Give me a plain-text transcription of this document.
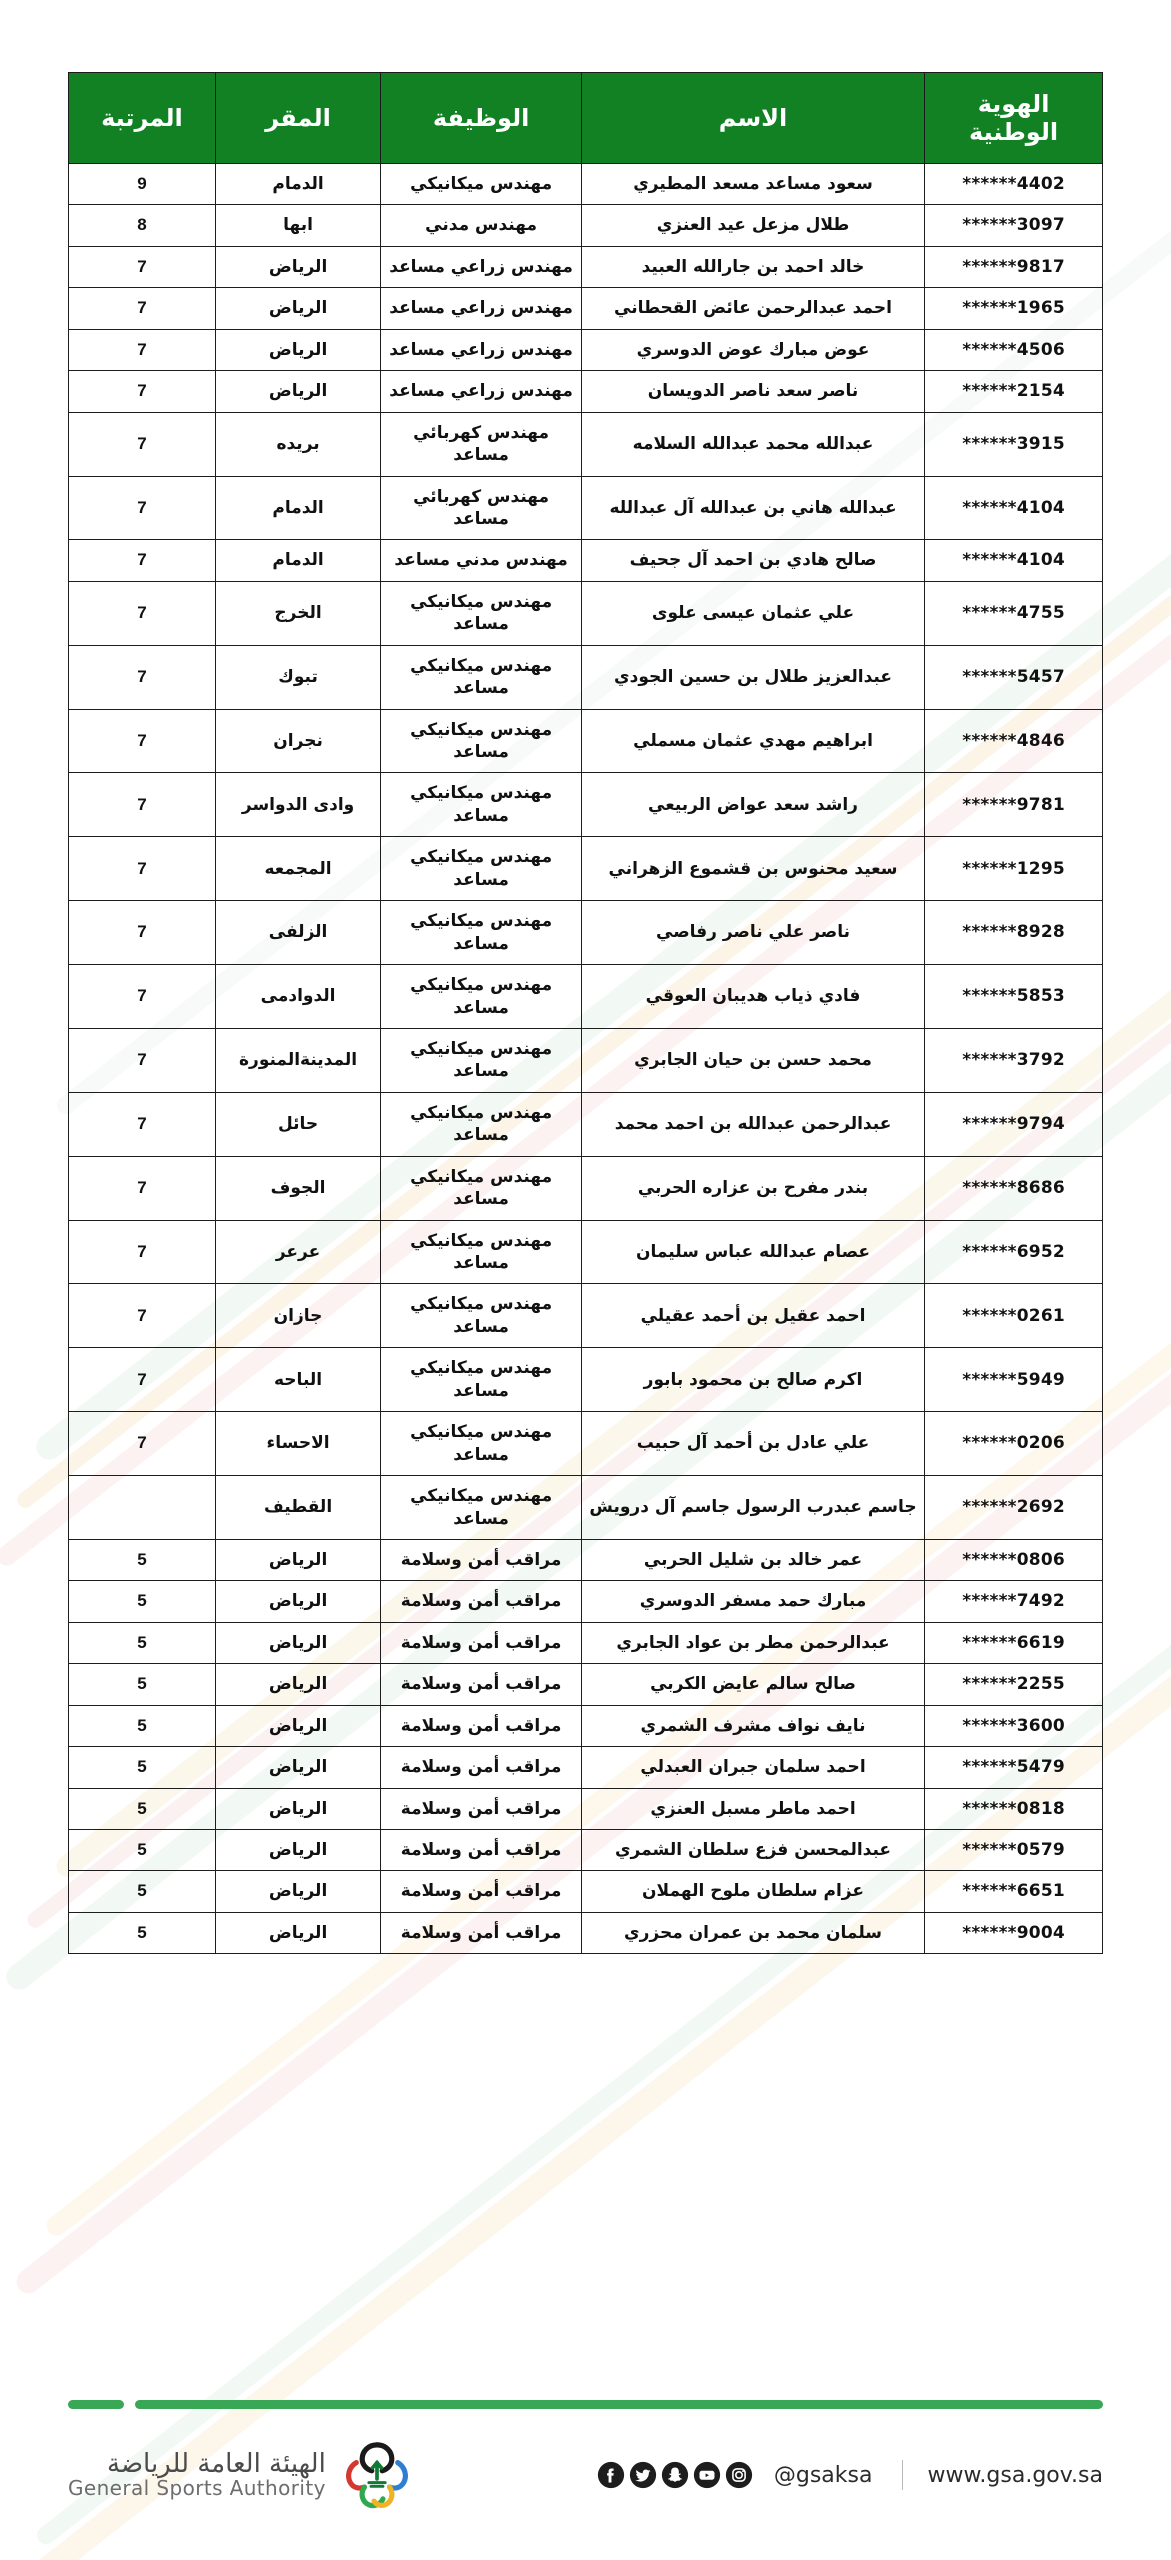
الهوية الوطنية	الاسم	الوظيفة	المقر	المرتبة
4402******	سعود مساعد مسعد المطيري	مهندس ميكانيكي	الدمام	9
3097******	طلال مزعل عيد العنزي	مهندس مدني	ابها	8
9817******	خالد احمد بن جارالله العبيد	مهندس زراعي مساعد	الرياض	7
1965******	احمد عبدالرحمن عائض القحطاني	مهندس زراعي مساعد	الرياض	7
4506******	عوض مبارك عوض الدوسري	مهندس زراعي مساعد	الرياض	7
2154******	ناصر سعد ناصر الدويسان	مهندس زراعي مساعد	الرياض	7
3915******	عبدالله محمد عبدالله السلامه	مهندس كهربائي مساعد	بريده	7
4104******	عبدالله هاني بن عبدالله آل عبدالله	مهندس كهربائي مساعد	الدمام	7
4104******	صالح هادي بن احمد آل جحيف	مهندس مدني مساعد	الدمام	7
4755******	علي عثمان عيسى علوى	مهندس ميكانيكي مساعد	الخرج	7
5457******	عبدالعزيز طلال بن حسين الجودي	مهندس ميكانيكي مساعد	تبوك	7
4846******	ابراهيم مهدي عثمان مسملي	مهندس ميكانيكي مساعد	نجران	7
9781******	راشد سعد عواض الربيعي	مهندس ميكانيكي مساعد	وادى الدواسر	7
1295******	سعيد محنوس بن قشموع الزهراني	مهندس ميكانيكي مساعد	المجمعه	7
8928******	ناصر علي ناصر رفاصي	مهندس ميكانيكي مساعد	الزلفى	7
5853******	فادي ذياب هديبان العوقي	مهندس ميكانيكي مساعد	الدوادمى	7
3792******	محمد حسن بن حيان الجابري	مهندس ميكانيكي مساعد	المدينةالمنورة	7
9794******	عبدالرحمن عبدالله بن احمد محمد	مهندس ميكانيكي مساعد	حائل	7
8686******	بندر مفرح بن عزاره الحربي	مهندس ميكانيكي مساعد	الجوف	7
6952******	عصام عبدالله عباس سليمان	مهندس ميكانيكي مساعد	عرعر	7
0261******	احمد عقيل بن أحمد عقيلي	مهندس ميكانيكي مساعد	جازان	7
5949******	اكرم صالح بن محمود بابور	مهندس ميكانيكي مساعد	الباحه	7
0206******	علي عادل بن أحمد آل حبيب	مهندس ميكانيكي مساعد	الاحساء	7
2692******	جاسم عبدرب الرسول جاسم آل درويش	مهندس ميكانيكي مساعد	القطيف	
0806******	عمر خالد بن شليل الحربي	مراقب أمن وسلامة	الرياض	5
7492******	مبارك حمد مسفر الدوسري	مراقب أمن وسلامة	الرياض	5
6619******	عبدالرحمن مطر بن عواد الجابري	مراقب أمن وسلامة	الرياض	5
2255******	صالح سالم عايض الكربي	مراقب أمن وسلامة	الرياض	5
3600******	نايف نواف مشرف الشمري	مراقب أمن وسلامة	الرياض	5
5479******	احمد سلمان جبران العبدلي	مراقب أمن وسلامة	الرياض	5
0818******	احمد ماطر مسبل العنزي	مراقب أمن وسلامة	الرياض	5
0579******	عبدالمحسن فزع سلطان الشمري	مراقب أمن وسلامة	الرياض	5
6651******	عزام سلطان ملوح الهملان	مراقب أمن وسلامة	الرياض	5
9004******	سلمان محمد بن عمران محزري	مراقب أمن وسلامة	الرياض	5
الهيئة العامة للرياضة
General Sports Authority
@gsaksa	www.gsa.gov.sa
